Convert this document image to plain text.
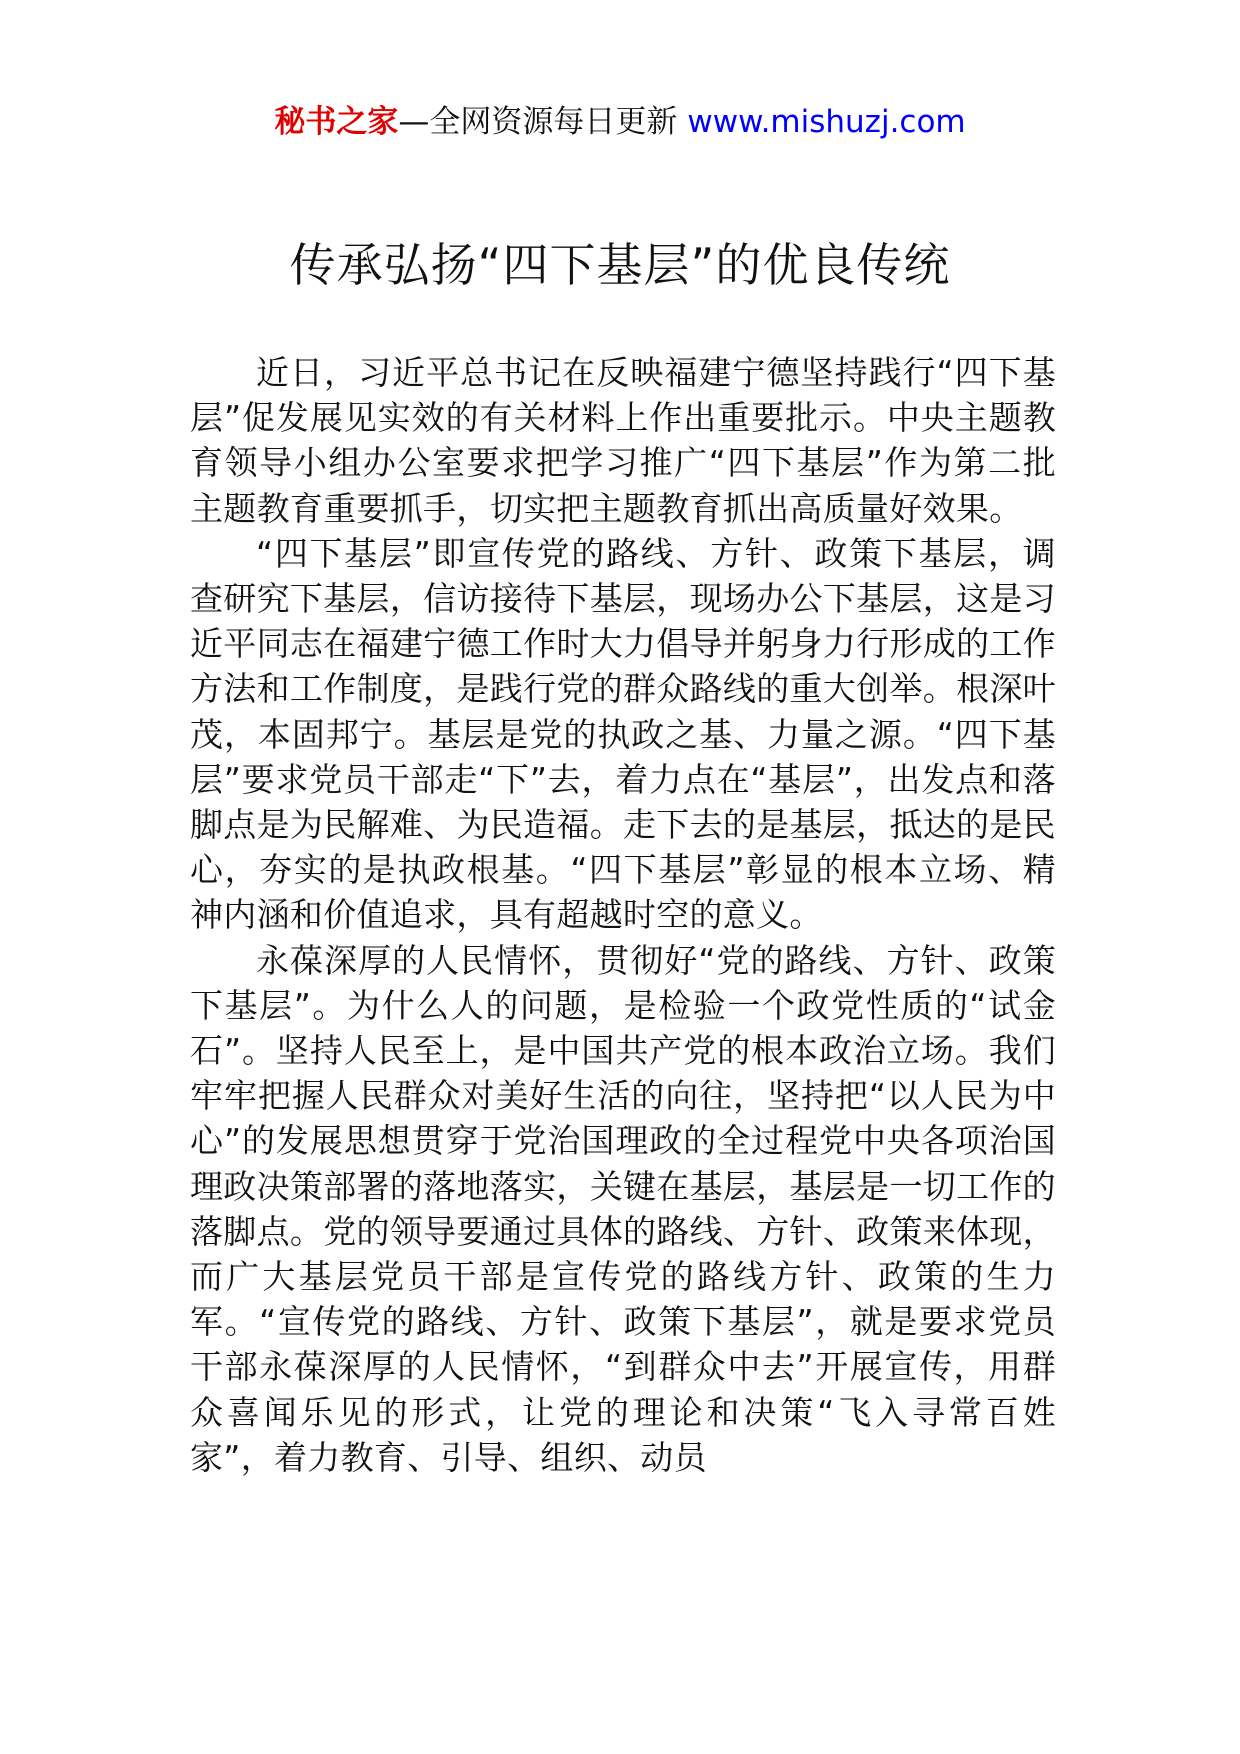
秘书之家—全网资源每日更新 www.mishuzj.com
传承弘扬“四下基层”的优良传统

近日，习近平总书记在反映福建宁德坚持践行“四下基层”促发展见实效的有关材料上作出重要批示。中央主题教育领导小组办公室要求把学习推广“四下基层”作为第二批主题教育重要抓手，切实把主题教育抓出高质量好效果。

“四下基层”即宣传党的路线、方针、政策下基层，调查研究下基层，信访接待下基层，现场办公下基层，这是习近平同志在福建宁德工作时大力倡导并躬身力行形成的工作方法和工作制度，是践行党的群众路线的重大创举。根深叶茂，本固邦宁。基层是党的执政之基、力量之源。“四下基层”要求党员干部走“下”去，着力点在“基层”，出发点和落脚点是为民解难、为民造福。走下去的是基层，抵达的是民心，夯实的是执政根基。“四下基层”彰显的根本立场、精神内涵和价值追求，具有超越时空的意义。

永葆深厚的人民情怀，贯彻好“党的路线、方针、政策下基层”。为什么人的问题，是检验一个政党性质的“试金石”。坚持人民至上，是中国共产党的根本政治立场。我们牢牢把握人民群众对美好生活的向往，坚持把“以人民为中心”的发展思想贯穿于党治国理政的全过程党中央各项治国理政决策部署的落地落实，关键在基层，基层是一切工作的落脚点。党的领导要通过具体的路线、方针、政策来体现，而广大基层党员干部是宣传党的路线方针、政策的生力军。“宣传党的路线、方针、政策下基层”，就是要求党员干部永葆深厚的人民情怀，“到群众中去”开展宣传，用群众喜闻乐见的形式，让党的理论和决策“飞入寻常百姓家”，着力教育、引导、组织、动员
